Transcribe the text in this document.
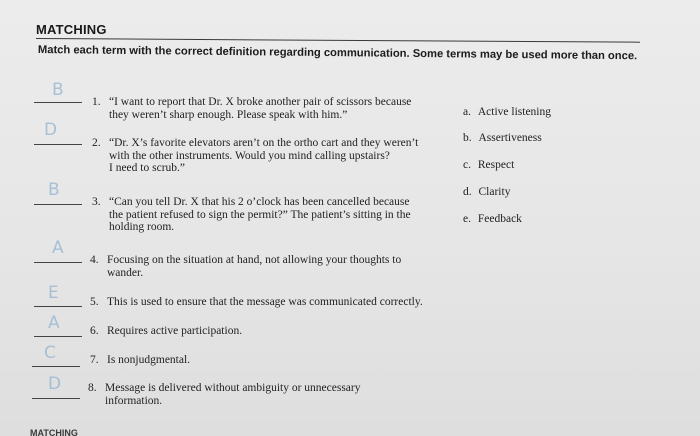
MATCHING
Match each term with the correct definition regarding communication. Some terms may be used more than once.
B
1. “I want to report that Dr. X broke another pair of scissors because
they weren’t sharp enough. Please speak with him.”
D
2. “Dr. X’s favorite elevators aren’t on the ortho cart and they weren’t
with the other instruments. Would you mind calling upstairs?
I need to scrub.”
B
3. “Can you tell Dr. X that his 2 o’clock has been cancelled because
the patient refused to sign the permit?” The patient’s sitting in the
holding room.
A
4. Focusing on the situation at hand, not allowing your thoughts to
wander.
E	5. This is used to ensure that the message was communicated correctly.
A	6. Requires active participation.
C	7. Is nonjudgmental.
D 8. Message is delivered without ambiguity or unnecessary
information.
a. Active listening
b. Assertiveness
c. Respect
d. Clarity
e. Feedback
MATCHING
